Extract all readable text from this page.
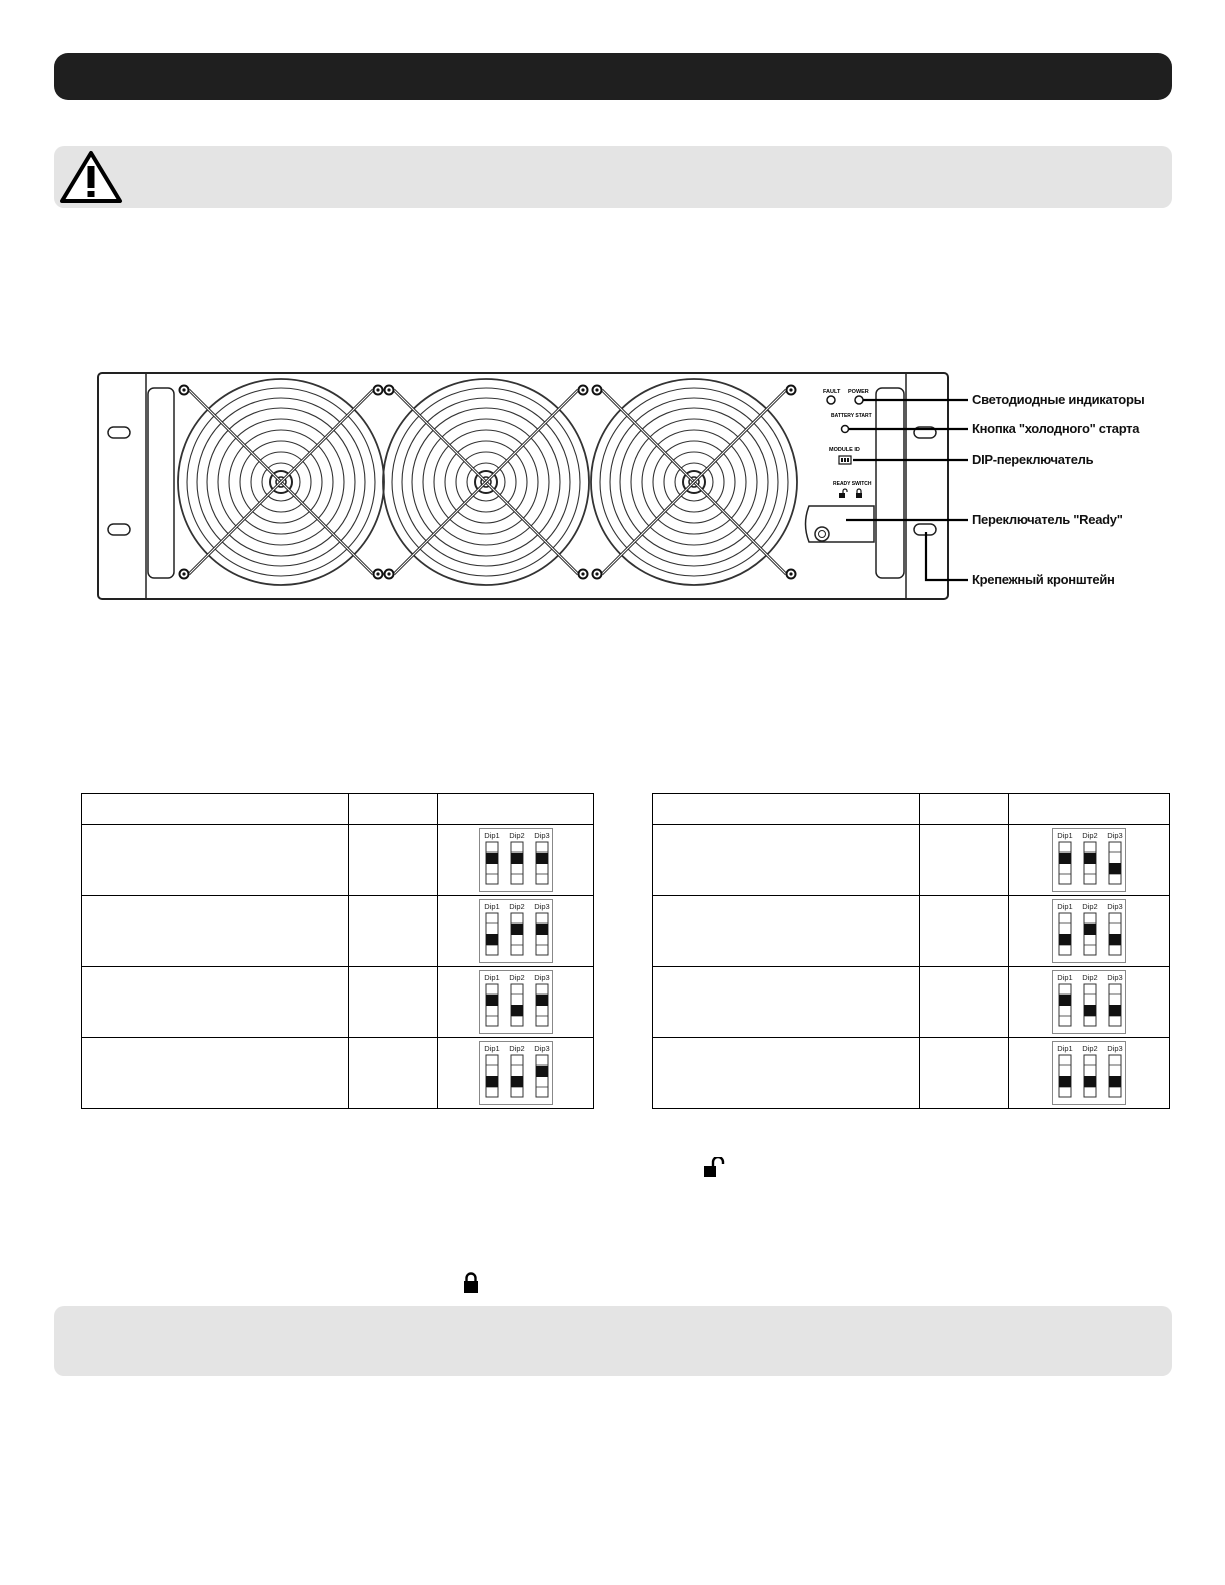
FAULT POWER
BATTERY START
MODULE ID
READY SWITCH
Светодиодные индикаторы
Кнопка "холодного" старта
DIP-переключатель
Переключатель "Ready"
Крепежный кронштейн

Dip1 Dip2 Dip3

Dip1 Dip2 Dip3

Dip1 Dip2 Dip3

Dip1 Dip2 Dip3

Dip1 Dip2 Dip3

Dip1 Dip2 Dip3

Dip1 Dip2 Dip3

Dip1 Dip2 Dip3
